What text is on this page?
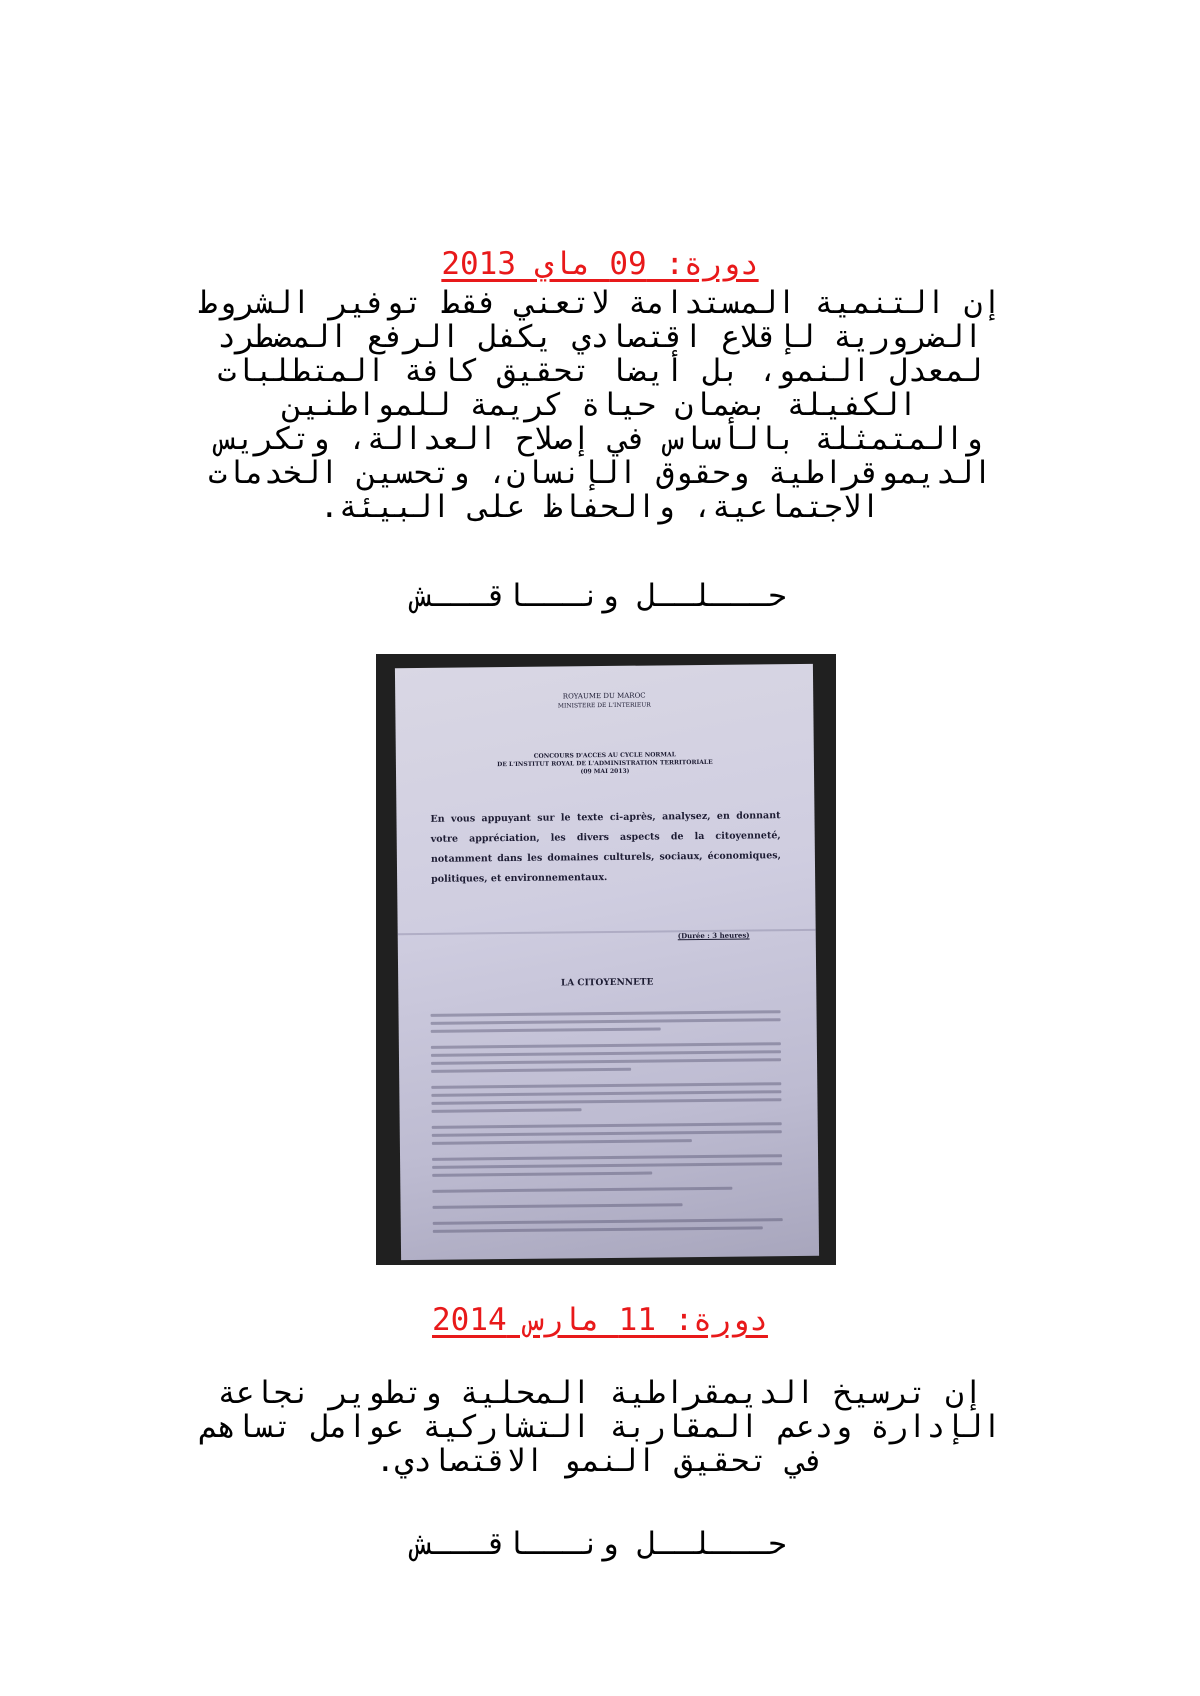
دورة: 09 ماي 2013
إن التنمية المستدامة لاتعني فقط توفير الشروط
الضرورية لإقلاع اقتصادي يكفل الرفع المضطرد
لمعدل النمو، بل أيضا تحقيق كافة المتطلبات
الكفيلة بضمان حياة كريمة للمواطنين
والمتمثلة بالأساس في إصلاح العدالة، وتكريس
الديموقراطية وحقوق الإنسان، وتحسين الخدمات
الاجتماعية، والحفاظ على البيئة.
حـــلــل ونـــاقـــش
ROYAUME DU MAROC
MINISTERE DE L'INTERIEUR
CONCOURS D'ACCES AU CYCLE NORMAL
DE L'INSTITUT ROYAL DE L'ADMINISTRATION TERRITORIALE
(09 MAI 2013)
En vous appuyant sur le texte ci-après, analysez, en donnant votre appréciation, les divers aspects de la citoyenneté, notamment dans les domaines culturels, sociaux, économiques, politiques, et environnementaux.
(Durée : 3 heures)
LA CITOYENNETE
دورة: 11 مارس 2014
إن ترسيخ الديمقراطية المحلية وتطوير نجاعة
الإدارة ودعم المقاربة التشاركية عوامل تساهم
في تحقيق النمو الاقتصادي.
حـــلــل ونـــاقـــش
